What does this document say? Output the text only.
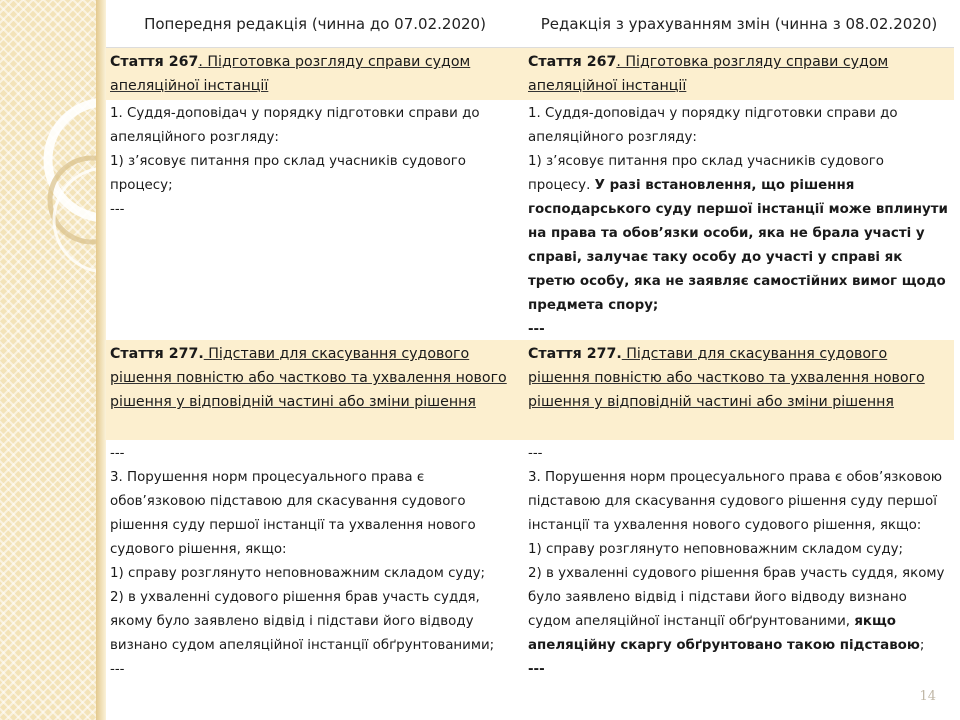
Попередня редакція (чинна до 07.02.2020)	Редакція з урахуванням змін (чинна з 08.02.2020)
Стаття 267. Підготовка розгляду справи судом апеляційної інстанції
Стаття 267. Підготовка розгляду справи судом апеляційної інстанції

1. Суддя-доповідач у порядку підготовки справи до апеляційного розгляду:

1) з’ясовує питання про склад учасників судового процесу;

---

1. Суддя-доповідач у порядку підготовки справи до апеляційного розгляду:

1) з’ясовує питання про склад учасників судового процесу. У разі встановлення, що рішення господарського суду першої інстанції може вплинути на права та обов’язки особи, яка не брала участі у справі, залучає таку особу до участі у справі як третю особу, яка не заявляє самостійних вимог щодо предмета спору;

---

Стаття 277. Підстави для скасування судового рішення повністю або частково та ухвалення нового рішення у відповідній частині або зміни рішення
Стаття 277. Підстави для скасування судового рішення повністю або частково та ухвалення нового рішення у відповідній частині або зміни рішення

---

3. Порушення норм процесуального права є обов’язковою підставою для скасування судового рішення суду першої інстанції та ухвалення нового судового рішення, якщо:

1) справу розглянуто неповноважним складом суду;

2) в ухваленні судового рішення брав участь суддя, якому було заявлено відвід і підстави його відводу визнано судом апеляційної інстанції обґрунтованими;

---

---

3. Порушення норм процесуального права є обов’язковою підставою для скасування судового рішення суду першої інстанції та ухвалення нового судового рішення, якщо:

1) справу розглянуто неповноважним складом суду;

2) в ухваленні судового рішення брав участь суддя, якому було заявлено відвід і підстави його відводу визнано судом апеляційної інстанції обґрунтованими, якщо апеляційну скаргу обґрунтовано такою підставою;

---

14
